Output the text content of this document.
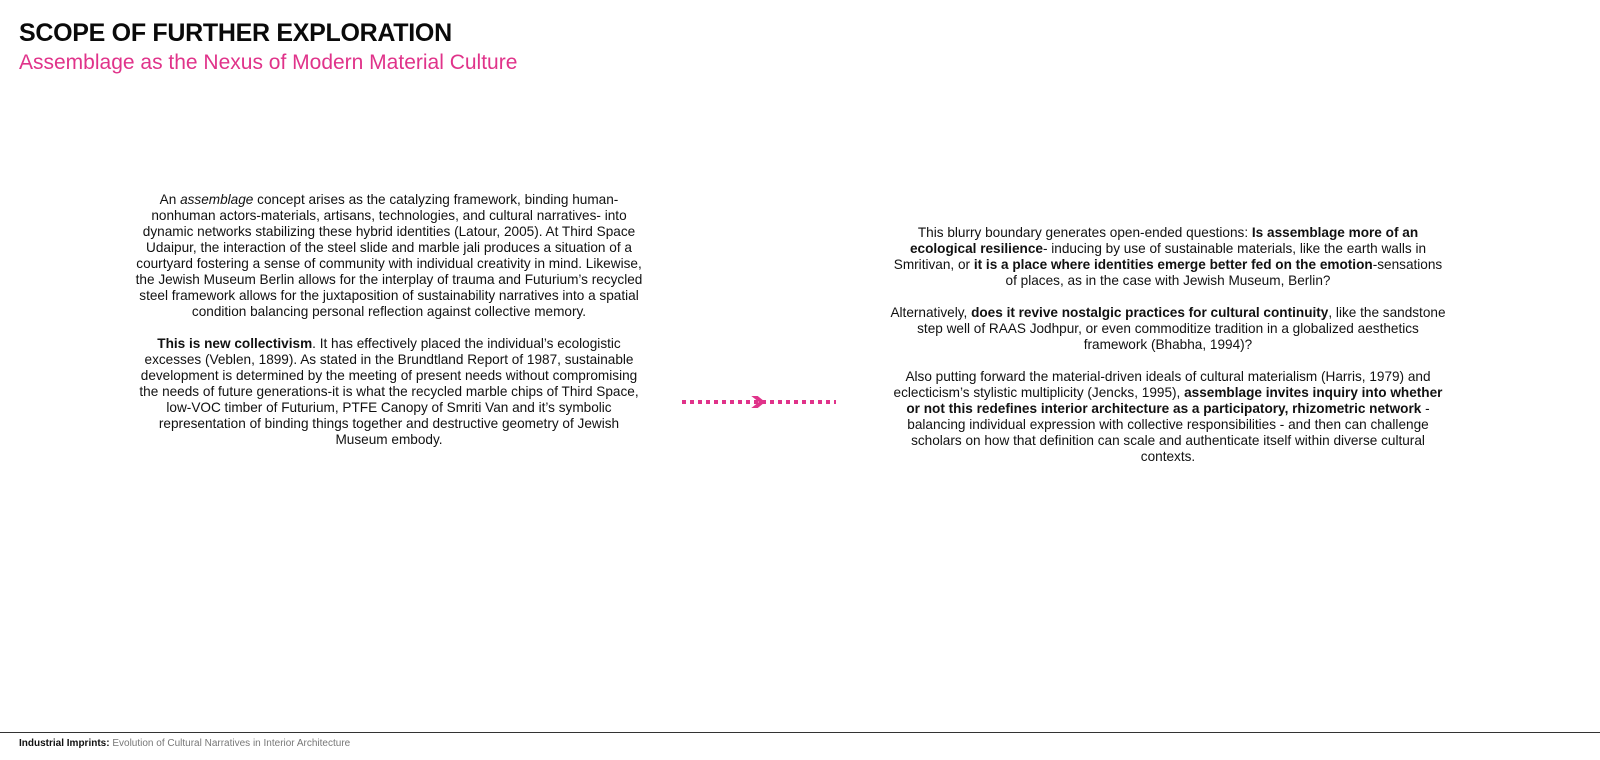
SCOPE OF FURTHER EXPLORATION
Assemblage as the Nexus of Modern Material Culture

An assemblage concept arises as the catalyzing framework, binding human-nonhuman actors-materials, artisans, technologies, and cultural narratives- into dynamic networks stabilizing these hybrid identities (Latour, 2005). At Third Space Udaipur, the interaction of the steel slide and marble jali produces a situation of a courtyard fostering a sense of community with individual creativity in mind. Likewise, the Jewish Museum Berlin allows for the interplay of trauma and Futurium’s recycled steel framework allows for the juxtaposition of sustainability narratives into a spatial condition balancing personal reflection against collective memory.

This is new collectivism. It has effectively placed the individual’s ecologistic excesses (Veblen, 1899). As stated in the Brundtland Report of 1987, sustainable development is determined by the meeting of present needs without compromising the needs of future generations-it is what the recycled marble chips of Third Space, low-VOC timber of Futurium, PTFE Canopy of Smriti Van and it’s symbolic representation of binding things together and destructive geometry of Jewish Museum embody.

This blurry boundary generates open-ended questions: Is assemblage more of an ecological resilience- inducing by use of sustainable materials, like the earth walls in Smritivan, or it is a place where identities emerge better fed on the emotion-sensations of places, as in the case with Jewish Museum, Berlin?

Alternatively, does it revive nostalgic practices for cultural continuity, like the sandstone step well of RAAS Jodhpur, or even commoditize tradition in a globalized aesthetics framework (Bhabha, 1994)?

Also putting forward the material-driven ideals of cultural materialism (Harris, 1979) and eclecticism’s stylistic multiplicity (Jencks, 1995), assemblage invites inquiry into whether or not this redefines interior architecture as a participatory, rhizometric network - balancing individual expression with collective responsibilities - and then can challenge scholars on how that definition can scale and authenticate itself within diverse cultural contexts.

Industrial Imprints: Evolution of Cultural Narratives in Interior Architecture
